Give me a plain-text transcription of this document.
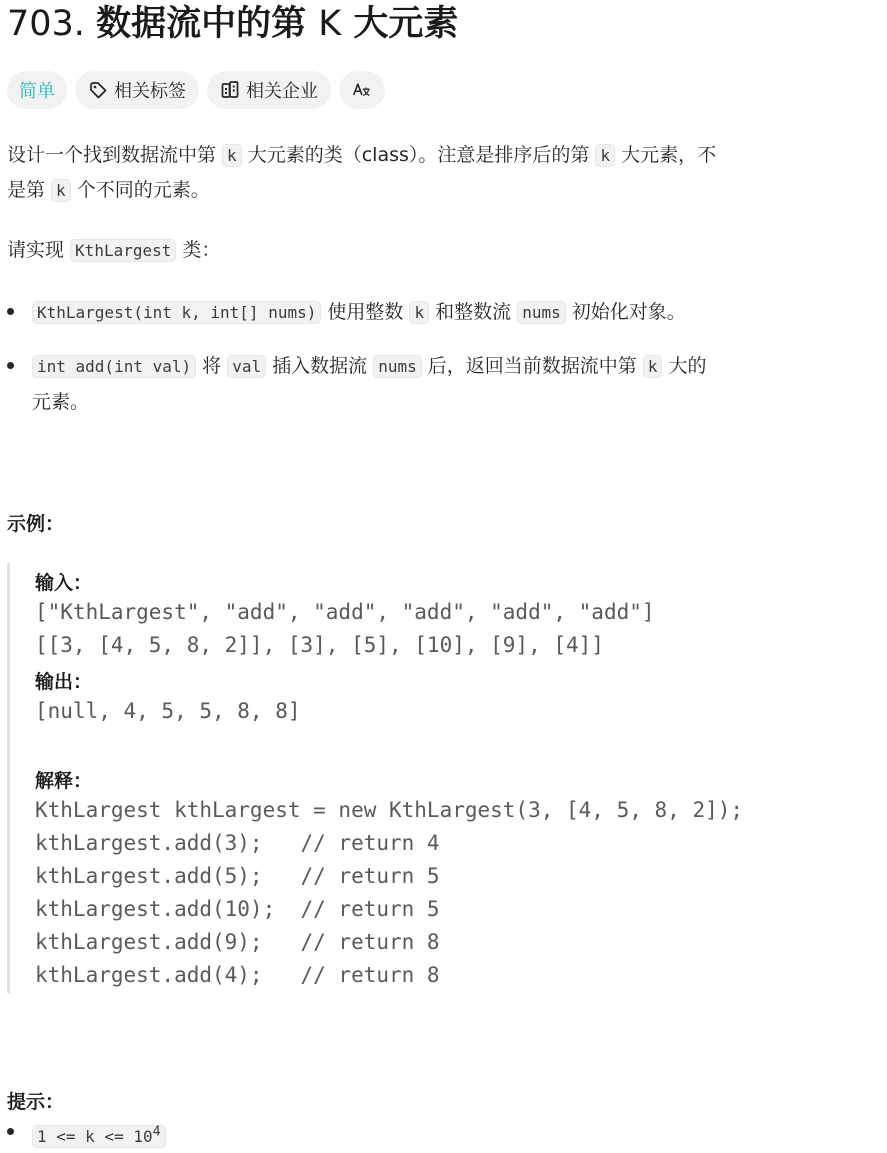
703. 数据流中的第 K 大元素
简单	相关标签	相关企业
设计一个找到数据流中第 k 大元素的类（class）。注意是排序后的第 k 大元素，不
是第 k 个不同的元素。
请实现 KthLargest 类：
KthLargest(int k, int[] nums) 使用整数 k 和整数流 nums 初始化对象。
int add(int val) 将 val 插入数据流 nums 后，返回当前数据流中第 k 大的
元素。
示例：
输入：
["KthLargest", "add", "add", "add", "add", "add"]
[[3, [4, 5, 8, 2]], [3], [5], [10], [9], [4]]
输出：
[null, 4, 5, 5, 8, 8]
解释：
KthLargest kthLargest = new KthLargest(3, [4, 5, 8, 2]);
kthLargest.add(3);   // return 4
kthLargest.add(5);   // return 5
kthLargest.add(10);  // return 5
kthLargest.add(9);   // return 8
kthLargest.add(4);   // return 8
提示：
$1 <= k <= 10^4$
